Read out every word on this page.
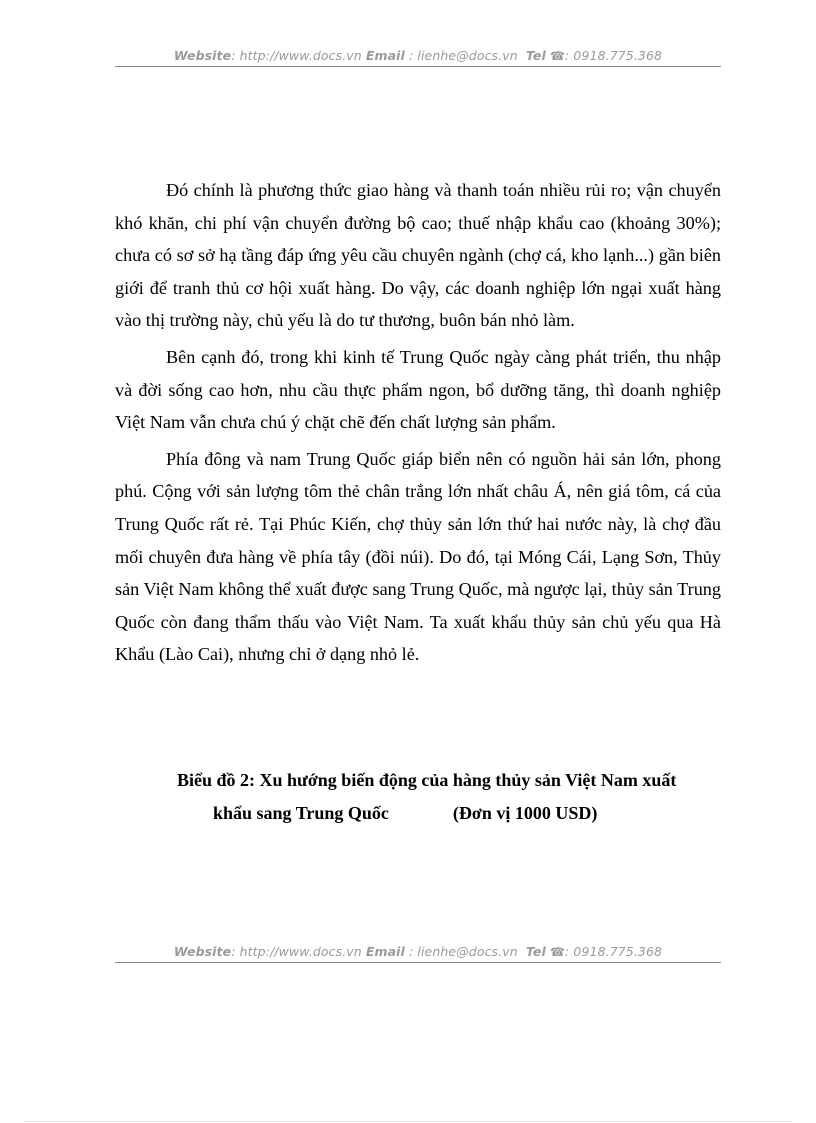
Website: http://www.docs.vn Email : lienhe@docs.vn Tel ☎: 0918.775.368

Đó chính là phương thức giao hàng và thanh toán nhiều rủi ro; vận chuyển khó khăn, chi phí vận chuyển đường bộ cao; thuế nhập khẩu cao (khoảng 30%); chưa có sơ sở hạ tầng đáp ứng yêu cầu chuyên ngành (chợ cá, kho lạnh...) gần biên giới để tranh thủ cơ hội xuất hàng. Do vậy, các doanh nghiệp lớn ngại xuất hàng vào thị trường này, chủ yếu là do tư thương, buôn bán nhỏ làm.

Bên cạnh đó, trong khi kinh tế Trung Quốc ngày càng phát triển, thu nhập và đời sống cao hơn, nhu cầu thực phẩm ngon, bổ dưỡng tăng, thì doanh nghiệp Việt Nam vẫn chưa chú ý chặt chẽ đến chất lượng sản phẩm.

Phía đông và nam Trung Quốc giáp biển nên có nguồn hải sản lớn, phong phú. Cộng với sản lượng tôm thẻ chân trắng lớn nhất châu Á, nên giá tôm, cá của Trung Quốc rất rẻ. Tại Phúc Kiến, chợ thủy sản lớn thứ hai nước này, là chợ đầu mối chuyên đưa hàng về phía tây (đồi núi). Do đó, tại Móng Cái, Lạng Sơn, Thủy sản Việt Nam không thể xuất được sang Trung Quốc, mà ngược lại, thủy sản Trung Quốc còn đang thẩm thấu vào Việt Nam. Ta xuất khẩu thủy sản chủ yếu qua Hà Khẩu (Lào Cai), nhưng chỉ ở dạng nhỏ lẻ.

Biểu đồ 2: Xu hướng biến động của hàng thủy sản Việt Nam xuất
khẩu sang Trung Quốc	(Đơn vị 1000 USD)
Website: http://www.docs.vn Email : lienhe@docs.vn Tel ☎: 0918.775.368
